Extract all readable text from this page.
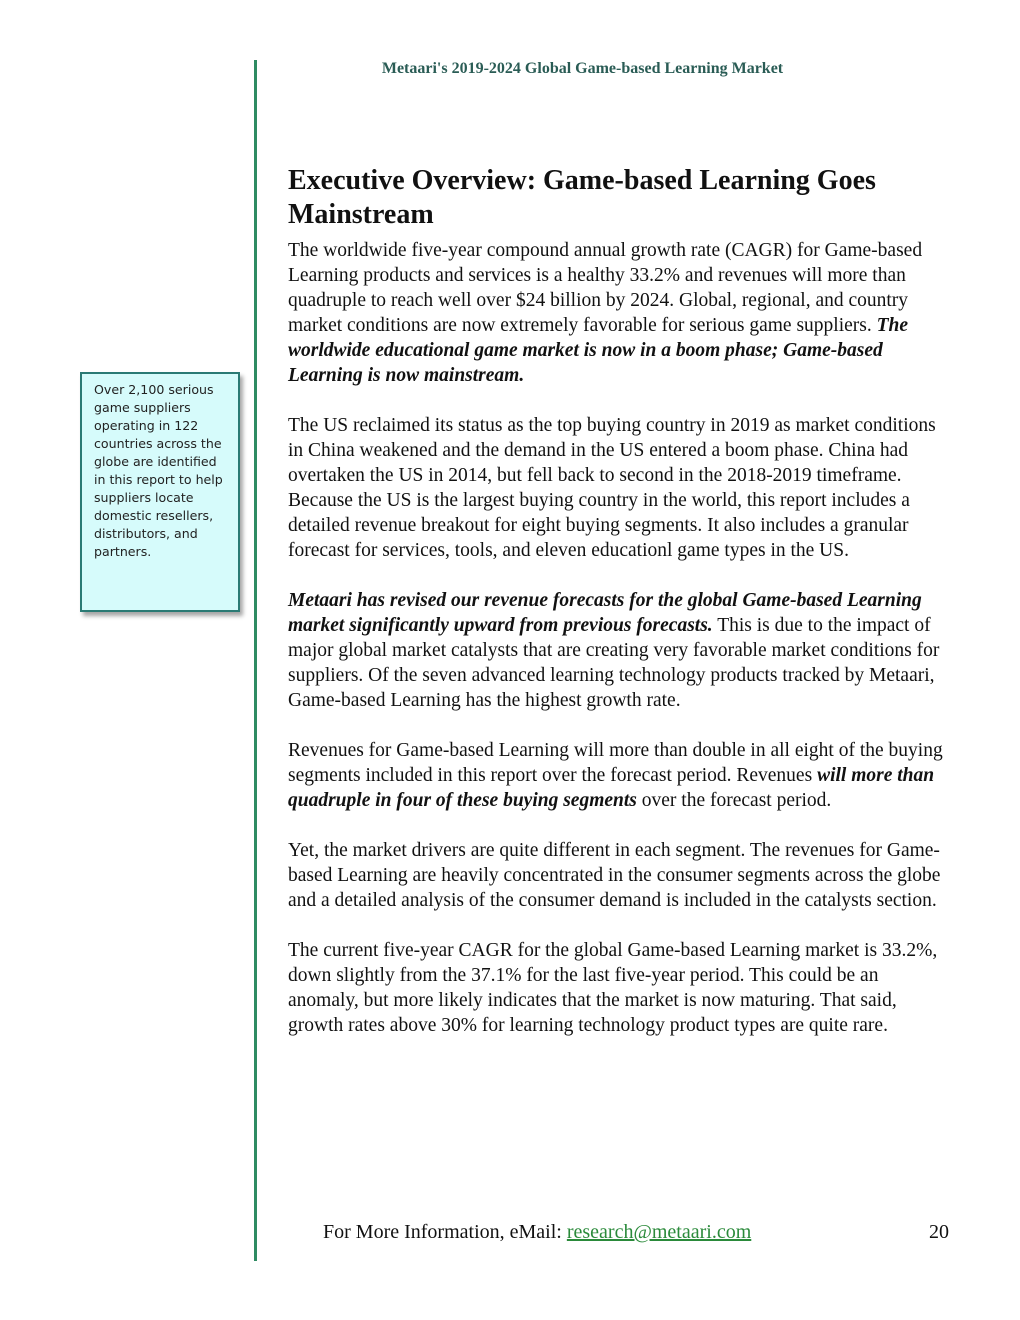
Metaari's 2019-2024 Global Game-based Learning Market
Over 2,100 serious game suppliers operating in 122 countries across the globe are identified in this report to help suppliers locate domestic resellers, distributors, and partners.
Executive Overview: Game-based Learning Goes Mainstream

The worldwide five-year compound annual growth rate (CAGR) for Game-based Learning products and services is a healthy 33.2% and revenues will more than quadruple to reach well over $24 billion by 2024. Global, regional, and country market conditions are now extremely favorable for serious game suppliers. The worldwide educational game market is now in a boom phase; Game-based Learning is now mainstream.

The US reclaimed its status as the top buying country in 2019 as market conditions in China weakened and the demand in the US entered a boom phase. China had overtaken the US in 2014, but fell back to second in the 2018-2019 timeframe. Because the US is the largest buying country in the world, this report includes a detailed revenue breakout for eight buying segments. It also includes a granular forecast for services, tools, and eleven educationl game types in the US.

Metaari has revised our revenue forecasts for the global Game-based Learning market significantly upward from previous forecasts. This is due to the impact of major global market catalysts that are creating very favorable market conditions for suppliers. Of the seven advanced learning technology products tracked by Metaari, Game-based Learning has the highest growth rate.

Revenues for Game-based Learning will more than double in all eight of the buying segments included in this report over the forecast period. Revenues will more than quadruple in four of these buying segments over the forecast period.

Yet, the market drivers are quite different in each segment. The revenues for Game-based Learning are heavily concentrated in the consumer segments across the globe and a detailed analysis of the consumer demand is included in the catalysts section.

The current five-year CAGR for the global Game-based Learning market is 33.2%, down slightly from the 37.1% for the last five-year period. This could be an anomaly, but more likely indicates that the market is now maturing. That said, growth rates above 30% for learning technology product types are quite rare.

For More Information, eMail: research@metaari.com	20
